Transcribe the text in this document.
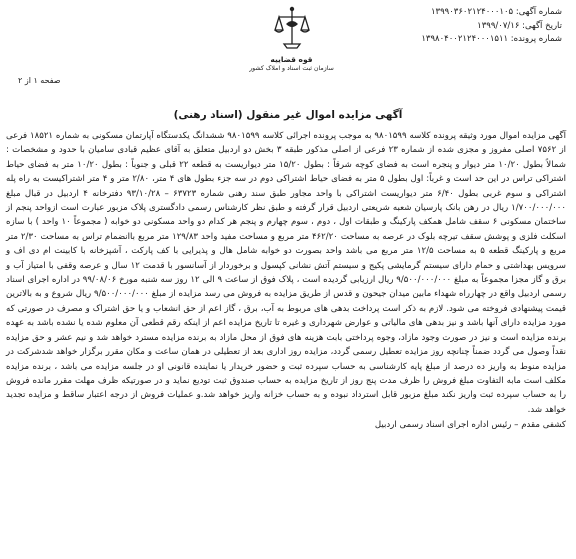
شماره آگهی: ۱۳۹۹۰۳۶۰۲۱۲۴۰۰۰۱۰۵
تاریخ آگهی: ۱۳۹۹/۰۷/۱۶
شماره پرونده: ۱۳۹۸۰۴۰۰۲۱۲۴۰۰۰۱۵۱۱
صفحه ۱ از ۲
قوه قضاییه
سازمان ثبت اسناد و املاک کشور
آگهی مزایده اموال غیر منقول (اسناد رهنی)

آگهی مزایده اموال مورد وثیقه پرونده کلاسه ۹۸۰۱۵۹۹ به موجب پرونده اجرائی کلاسه ۹۸۰۱۵۹۹ ششدانگ یکدستگاه آپارتمان مسکونی به شماره ۱۸۵۲۱ فرعی از ۷۵۶۲ اصلی مفروز و مجزی شده از شماره ۲۳ فرعی از اصلی مذکور طبقه ۳ بخش دو اردبیل متعلق به آقای عظیم قبادی سامیان با حدود و مشخصات : شمالاً بطول ۱۰/۲۰ متر دیوار و پنجره است به فضای کوچه شرقاً : بطول ۱۵/۲۰ متر دیواریست به قطعه ۲۲ قبلی و جنوباً : بطول ۱۰/۲۰ متر به فضای حیاط اشتراکی تراس در این حد است و غرباً: اول بطول ۵ متر به فضای حیاط اشتراکی دوم در سه جزء بطول های ۴ متر، ۲/۸۰ متر و ۴ متر اشتراکیست به راه پله اشتراکی و سوم غربی بطول ۶/۴۰ متر دیواریست اشتراکی با واحد مجاور طبق سند رهنی شماره ۶۳۷۲۳ – ۹۳/۱۰/۲۸ دفترخانه ۴ اردبیل در قبال مبلغ ۱/۷۰۰/۰۰۰/۰۰۰ ریال در رهن بانک پارسیان شعبه شریعتی اردبیل قرار گرفته و طبق نظر کارشناس رسمی دادگستری پلاک مزبور عبارت است ازواحد پنجم از ساختمان مسکونی ۶ سقف شامل همکف پارکینگ و طبقات اول ، دوم ، سوم چهارم و پنجم هر کدام دو واحد مسکونی دو خوابه ( مجموعاً ۱۰ واحد ) با سازه اسکلت فلزی و پوشش سقف تیرچه بلوک در عرصه به مساحت ۴۶۲/۲۰ متر مربع و مساحت مفید واحد ۱۲۹/۸۳ متر مربع باانضمام تراس به مساحت ۲/۳۰ متر مربع و پارکینگ قطعه ۵ به مساحت ۱۲/۵ متر مربع می باشد واحد بصورت دو خوابه شامل هال و پذیرایی با کف پارکت ، آشپزخانه با کابینت ام دی اف و سرویس بهداشتی و حمام دارای سیستم گرمایشی پکیج و سیستم آتش نشانی کپسول و برخوردار از آسانسور با قدمت ۱۲ سال و عرصه وقفی با امتیاز آب و برق و گاز مجزا مجموعاً به مبلغ ۹/۵۰۰/۰۰۰/۰۰۰ ریال ارزیابی گردیده است ، پلاک فوق از ساعت ۹ الی ۱۲ روز سه شنبه مورخ ۹۹/۰۸/۰۶ در اداره اجرای اسناد رسمی اردبیل واقع در چهارراه شهداء مابین میدان جیحون و قدس از طریق مزایده به فروش می رسد مزایده از مبلغ ۹/۵۰۰/۰۰۰/۰۰۰ ریال شروع و به بالاترین قیمت پیشنهادی فروخته می شود. لازم به ذکر است پرداخت بدهی های مربوط به آب، برق ، گاز اعم از حق انشعاب و یا حق اشتراک و مصرف در صورتی که مورد مزایده دارای آنها باشد و نیز بدهی های مالیاتی و عوارض شهرداری و غیره تا تاریخ مزایده اعم از اینکه رقم قطعی آن معلوم شده یا نشده باشد به عهده برنده مزایده است و نیز در صورت وجود مازاد، وجوه پرداختی بابت هزینه های فوق از محل مازاد به برنده مزایده مسترد خواهد شد و نیم عشر و حق مزایده نقداً وصول می گردد ضمناً چنانچه روز مزایده تعطیل رسمی گردد، مزایده روز اداری بعد از تعطیلی در همان ساعت و مکان مقرر برگزار خواهد شدشرکت در مزایده منوط به واریز ده درصد از مبلغ پایه کارشناسی به حساب سپرده ثبت و حضور خریدار یا نماینده قانونی او در جلسه مزایده می باشد ، برنده مزایده مکلف است مابه التفاوت مبلغ فروش را ظرف مدت پنج روز از تاریخ مزایده به حساب صندوق ثبت تودیع نماید و در صورتیکه ظرف مهلت مقرر مانده فروش را به حساب سپرده ثبت واریز نکند مبلغ مزبور قابل استرداد نبوده و به حساب خزانه واریز خواهد شد.و عملیات فروش از درجه اعتبار ساقط و مزایده تجدید خواهد شد.

کشفی مقدم – رئیس اداره اجرای اسناد رسمی اردبیل
